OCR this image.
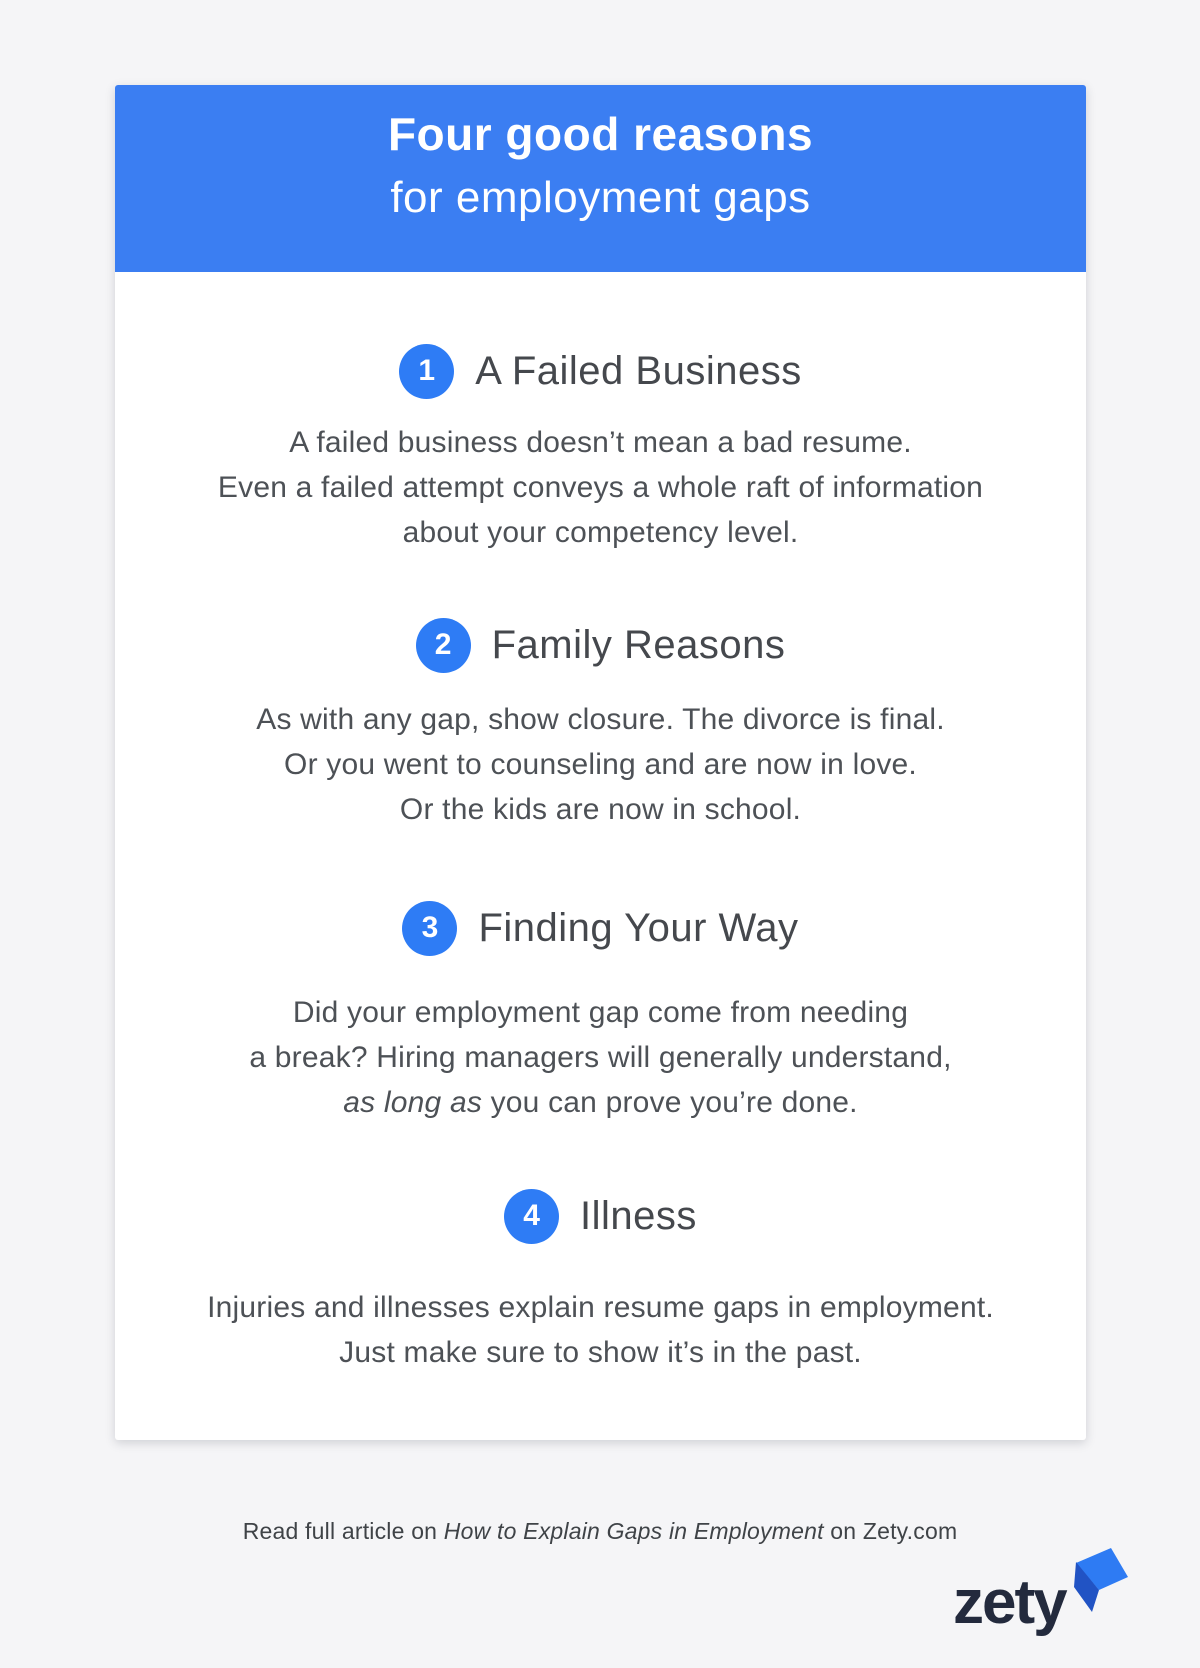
Four good reasons
for employment gaps
1	A Failed Business
A failed business doesn’t mean a bad resume.
Even a failed attempt conveys a whole raft of information
about your competency level.
2	Family Reasons
As with any gap, show closure. The divorce is final.
Or you went to counseling and are now in love.
Or the kids are now in school.
3	Finding Your Way
Did your employment gap come from needing
a break? Hiring managers will generally understand,
as long as you can prove you’re done.
4	Illness
Injuries and illnesses explain resume gaps in employment.
Just make sure to show it’s in the past.
Read full article on How to Explain Gaps in Employment on Zety.com
zety
